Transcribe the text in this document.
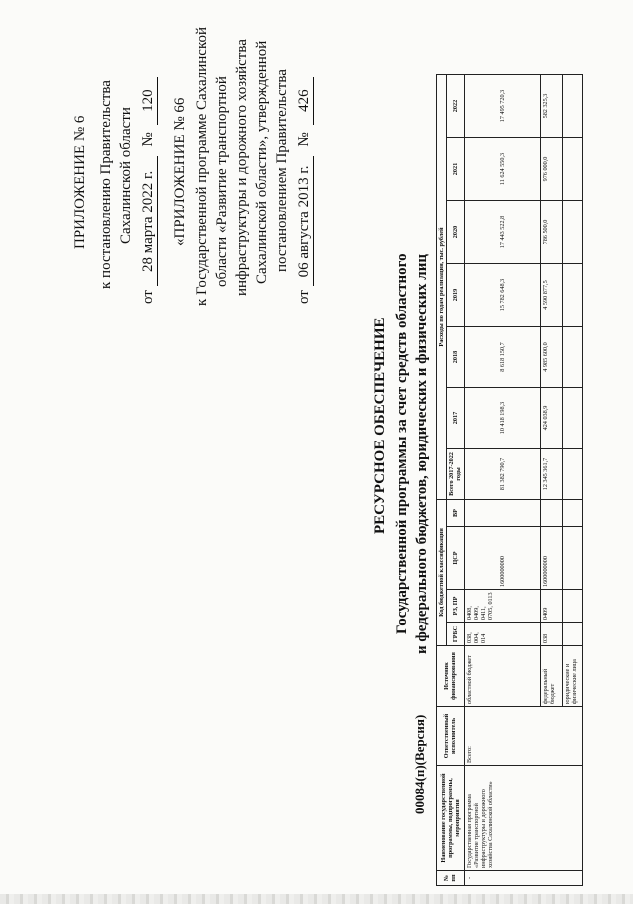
ПРИЛОЖЕНИЕ № 6 к постановлению Правительства Сахалинской области
от 28 марта 2022 г. № 120 «ПРИЛОЖЕНИЕ № 66 к Государственной программе Сахалинской области «Развитие транспортной инфраструктуры и дорожного хозяйства Сахалинской области», утвержденной постановлением Правительства
от 06 августа 2013 г. № 426
РЕСУРСНОЕ ОБЕСПЕЧЕНИЕ Государственной программы за счет средств областного и федерального бюджетов, юридических и физических лиц
00084(п)(Версия)
№ пп	Наименование государственной программы, подпрограммы, мероприятия	Ответственный исполнитель	Источник финансирования	Код бюджетной классификации				Расходы по годам реализации, тыс. рублей						
				ГРБС	РЗ, ПР	ЦСР	ВР	Всего 2017-2022 годы	2017	2018	2019	2020	2021	2022
-	Государственная программа «Развитие транспортной инфраструктуры и дорожного хозяйства Сахалинской области»	Всего:	областной бюджет	038, 004, 014	0408, 0409, 0411, 0705, 0113	1600000000		81 382 790,7	10 418 198,3	8 618 150,7	15 782 648,3	17 443 522,8	11 624 550,3	17 495 720,3
			федеральный бюджет	038	0409	1600000000		12 345 361,7	424 038,9	4 985 600,0	4 590 877,5	786 500,0	976 000,0	582 325,3
			юридические и физические лица											
